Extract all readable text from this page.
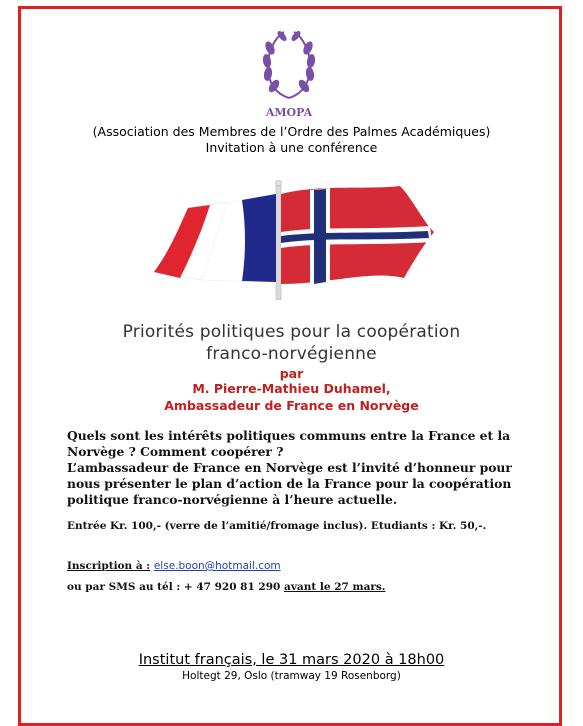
AMOPA
(Association des Membres de l’Ordre des Palmes Académiques)
Invitation à une conférence
Priorités politiques pour la coopération
franco-norvégienne
par
M. Pierre-Mathieu Duhamel,
Ambassadeur de France en Norvège
Quels sont les intérêts politiques communs entre la France et la Norvège ? Comment coopérer ?
L’ambassadeur de France en Norvège est l’invité d’honneur pour nous présenter le plan d’action de la France pour la coopération politique franco-norvégienne à l’heure actuelle.
Entrée Kr. 100,- (verre de l’amitié/fromage inclus). Etudiants : Kr. 50,-.
Inscription à : else.boon@hotmail.com
ou par SMS au tél : + 47 920 81 290 avant le 27 mars.
Institut français, le 31 mars 2020 à 18h00
Holtegt 29, Oslo (tramway 19 Rosenborg)
